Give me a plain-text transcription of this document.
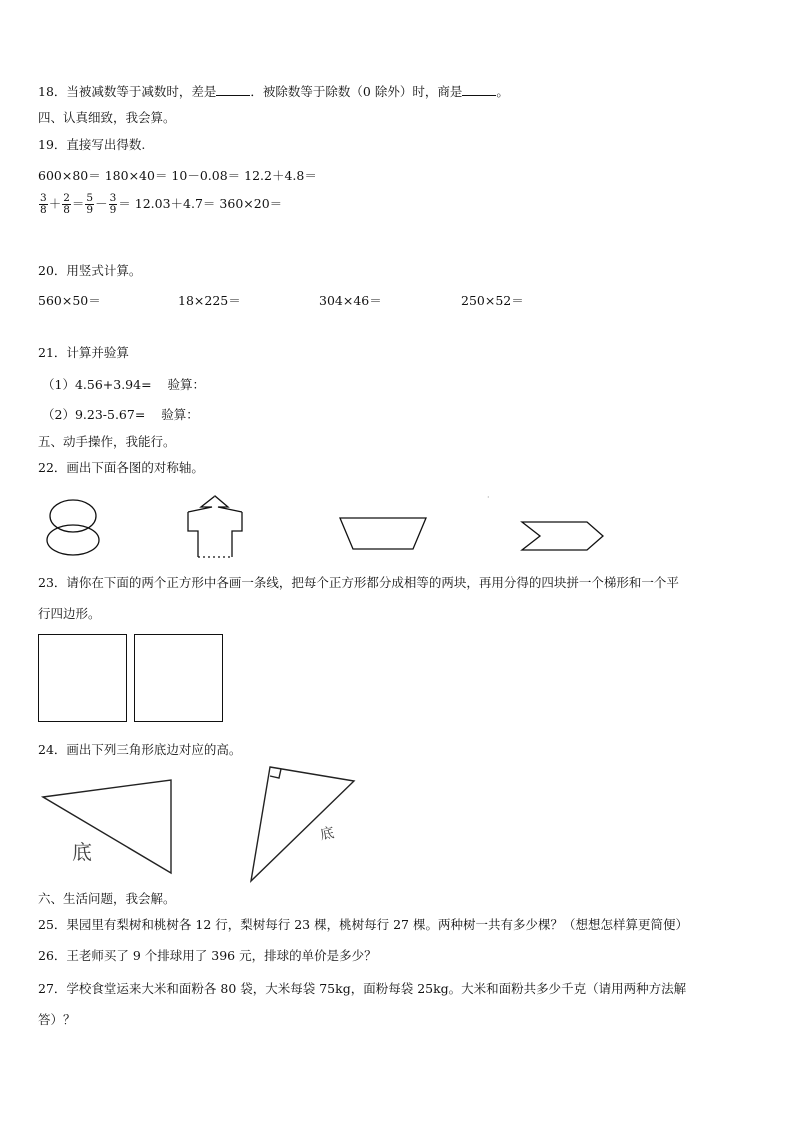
18．当被减数等于减数时，差是	．被除数等于除数（0 除外）时，商是	。
四、认真细致，我会算。
19．直接写出得数.
600×80＝ 180×40＝ 10－0.08＝ 12.2＋4.8＝
$\frac{3}{8} + \frac{2}{8} = \frac{5}{9} - \frac{3}{9} = 12.03+4.7= 360\times 20=$
20．用竖式计算。
560×50＝	18×225＝	304×46＝	250×52＝
21．计算并验算
（1）4.56+3.94=    验算：
（2）9.23-5.67=    验算：
五、动手操作，我能行。
22．画出下面各图的对称轴。
·	·
23．请你在下面的两个正方形中各画一条线，把每个正方形都分成相等的两块，再用分得的四块拼一个梯形和一个平
行四边形。
24．画出下列三角形底边对应的高。
底
底
六、生活问题，我会解。
25．果园里有梨树和桃树各 12 行，梨树每行 23 棵，桃树每行 27 棵。两种树一共有多少棵？（想想怎样算更简便）
26．王老师买了 9 个排球用了 396 元，排球的单价是多少？
27．学校食堂运来大米和面粉各 80 袋，大米每袋 75kg，面粉每袋 25kg。大米和面粉共多少千克（请用两种方法解
答）？
